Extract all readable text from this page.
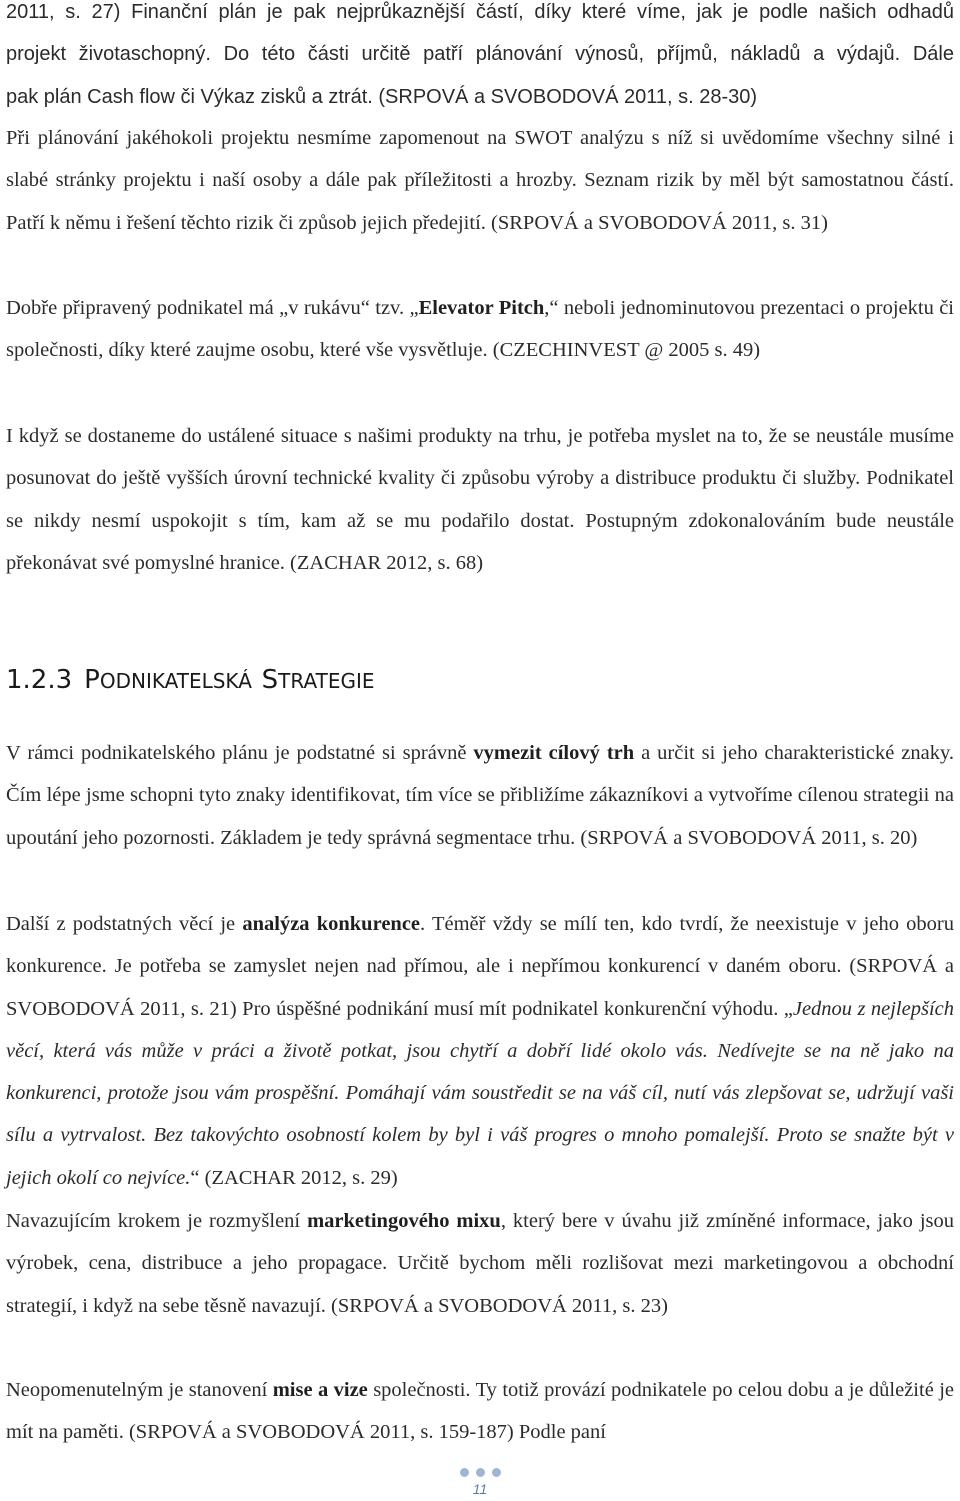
2011, s. 27) Finanční plán je pak nejprůkaznější částí, díky které víme, jak je podle našich odhadů
projekt životaschopný. Do této části určitě patří plánování výnosů, příjmů, nákladů a výdajů. Dále
pak plán Cash flow či Výkaz zisků a ztrát. (SRPOVÁ a SVOBODOVÁ 2011, s. 28-30)

Při plánování jakéhokoli projektu nesmíme zapomenout na SWOT analýzu s níž si uvědomíme všechny silné i slabé stránky projektu i naší osoby a dále pak příležitosti a hrozby. Seznam rizik by měl být samostatnou částí. Patří k němu i řešení těchto rizik či způsob jejich předejití. (SRPOVÁ a SVOBODOVÁ 2011, s. 31)

Dobře připravený podnikatel má „v rukávu“ tzv. „Elevator Pitch,“ neboli jednominutovou prezentaci o projektu či společnosti, díky které zaujme osobu, které vše vysvětluje. (CZECHINVEST @ 2005 s. 49)

I když se dostaneme do ustálené situace s našimi produkty na trhu, je potřeba myslet na to, že se neustále musíme posunovat do ještě vyšších úrovní technické kvality či způsobu výroby a distribuce produktu či služby. Podnikatel se nikdy nesmí uspokojit s tím, kam až se mu podařilo dostat. Postupným zdokonalováním bude neustále překonávat své pomyslné hranice. (ZACHAR 2012, s. 68)

1.2.3 PODNIKATELSKÁ STRATEGIE

V rámci podnikatelského plánu je podstatné si správně vymezit cílový trh a určit si jeho charakteristické znaky. Čím lépe jsme schopni tyto znaky identifikovat, tím více se přibližíme zákazníkovi a vytvoříme cílenou strategii na upoutání jeho pozornosti. Základem je tedy správná segmentace trhu. (SRPOVÁ a SVOBODOVÁ 2011, s. 20)

Další z podstatných věcí je analýza konkurence. Téměř vždy se mílí ten, kdo tvrdí, že neexistuje v jeho oboru konkurence. Je potřeba se zamyslet nejen nad přímou, ale i nepřímou konkurencí v daném oboru. (SRPOVÁ a SVOBODOVÁ 2011, s. 21) Pro úspěšné podnikání musí mít podnikatel konkurenční výhodu. „Jednou z nejlepších věcí, která vás může v práci a životě potkat, jsou chytří a dobří lidé okolo vás. Nedívejte se na ně jako na konkurenci, protože jsou vám prospěšní. Pomáhají vám soustředit se na váš cíl, nutí vás zlepšovat se, udržují vaši sílu a vytrvalost. Bez takovýchto osobností kolem by byl i váš progres o mnoho pomalejší. Proto se snažte být v jejich okolí co nejvíce.“ (ZACHAR 2012, s. 29)

Navazujícím krokem je rozmyšlení marketingového mixu, který bere v úvahu již zmíněné informace, jako jsou výrobek, cena, distribuce a jeho propagace. Určitě bychom měli rozlišovat mezi marketingovou a obchodní strategií, i když na sebe těsně navazují. (SRPOVÁ a SVOBODOVÁ 2011, s. 23)

Neopomenutelným je stanovení mise a vize společnosti. Ty totiž provází podnikatele po celou dobu a je důležité je mít na paměti. (SRPOVÁ a SVOBODOVÁ 2011, s. 159-187) Podle paní

11
